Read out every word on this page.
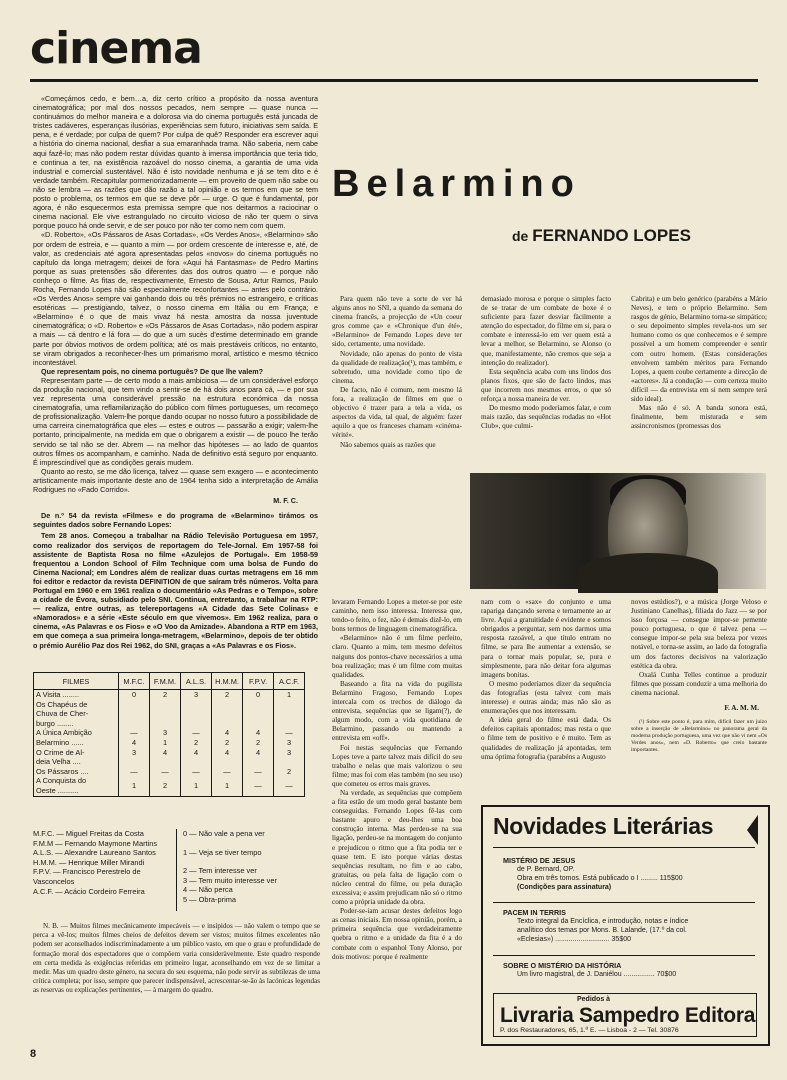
cinema
Belarmino
de FERNANDO LOPES

«Começámos cedo, e bem…a, diz certo crítico a propósito da nossa aventura cinematográfica; por mal dos nossos pecados, nem sempre — quase nunca — continuámos do melhor maneira e a dolorosa via do cinema português está juncada de tristes cadáveres, esperanças ilusórias, experiências sem futuro, iniciativas sem saída. E pena, e é verdade; por culpa de quem? Por culpa de quê? Responder era escrever aqui a história do cinema nacional, desfiar a sua emaranhada trama. Não saberia, nem cabe aqui fazê-lo; mas não podem restar dúvidas quanto à imensa importância que teria tido, e continua a ter, na existência razoável do nosso cinema, a garantia de uma vida industrial e comercial sustentável. Não é isto novidade nenhuma e já se tem dito e é verdade também. Recapitular pormenorizadamente — em proveito de quem não sabe ou não se lembra — as razões que dão razão a tal opinião e os termos em que se tem posto o problema, os termos em que se deve pôr — urge. O que é fundamental, por agora, é não esquecermos esta premissa sempre que nos deitarmos a raciocinar o cinema nacional. Ele vive estrangulado no circuito vicioso de não ter quem o sirva porque pouco há onde servir, e de ser pouco por não ter como nem com quem.

«D. Roberto», «Os Pássaros de Asas Cortadas», «Os Verdes Anos», «Belarmino» são por ordem de estreia, e — quanto a mim — por ordem crescente de interesse e, até, de valor, as credenciais até agora apresentadas pelos «novos» do cinema português no capítulo da longa metragem; deixei de fora «Aqui há Fantasmas» de Pedro Martins porque as suas pretensões são diferentes das dos outros quatro — e porque não conheço o filme. As fitas de, respectivamente, Ernesto de Sousa, Artur Ramos, Paulo Rocha, Fernando Lopes não são especialmente reconfortantes — antes pelo contrário. «Os Verdes Anos» sempre vai ganhando dois ou três prémios no estrangeiro, e críticas esotéricas — prestigiando, talvez, o nosso cinema em Itália ou em França; e «Belarmino» é o que de mais vivaz há nesta amostra da nossa juventude cinematográfica; o «D. Roberto» e «Os Pássaros de Asas Cortadas», não podem aspirar a mais — cá dentro e lá fora — do que a um sucès d'estime determinado em grande parte por óbvios motivos de ordem política; até os mais prestáveis críticos, no entanto, se viram obrigados a reconhecer-lhes um primarismo moral, artístico e mesmo técnico incontestável.

Que representam pois, no cinema português? De que lhe valem?

Representam parte — de certo modo a mais ambiciosa — de um considerável esforço da produção nacional, que tem vindo a sentir-se de há dois anos para cá, — e por sua vez representa uma considerável pressão na estrutura económica da nossa cinematografia, uma reflamilarização do público com filmes portugueses, um recomeço de profissionalização. Valem-lhe porque dando ocupar no nosso futuro a possibilidade de uma carreira cinematográfica que eles — estes e outros — passarão a exigir; valem-lhe portanto, principalmente, na medida em que o obrigarem a existir — de pouco lhe terão servido se tal não se der. Abrem — na melhor das hipóteses — ao lado de quantos outros filmes os acompanham, e caminho. Nada de definitivo está seguro por enquanto. É imprescindível que as condições gerais mudem.

Quanto ao resto, se me dão licença, talvez — quase sem exagero — e acontecimento artisticamente mais importante deste ano de 1964 tenha sido a interpretação de Amália Rodrigues no «Fado Corrido».

M. F. C.

De n.º 54 da revista «Filmes» e do programa de «Belarmino» tirámos os seguintes dados sobre Fernando Lopes:

Tem 28 anos. Começou a trabalhar na Rádio Televisão Portuguesa em 1957, como realizador dos serviços de reportagem do Tele-Jornal. Em 1957-58 foi assistente de Baptista Rosa no filme «Azulejos de Portugal». Em 1958-59 frequentou a London School of Film Technique com uma bolsa de Fundo do Cinema Nacional; em Londres além de realizar duas curtas metragens em 16 mm foi editor e redactor da revista DEFINITION de que saíram três números. Volta para Portugal em 1960 e em 1961 realiza o documentário «As Pedras e o Tempo», sobre a cidade de Évora, subsidiado pelo SNI. Continua, entretanto, a trabalhar na RTP: — realiza, entre outras, as telereportagens «A Cidade das Sete Colinas» e «Namorados» e a série «Este século em que vivemos». Em 1962 realiza, para o cinema, «As Palavras e os Fios» e «O Voo da Amizade». Abandona a RTP em 1963, em que começa a sua primeira longa-metragem, «Belarmino», depois de ter obtido o prémio Aurélio Paz dos Rei 1962, do SNI, graças a «As Palavras e os Fios».

FILMES	M.F.C.	F.M.M.	A.L.S.	H.M.M.	F.P.V.	A.C.F.

A Visita ........	0	2	3	2	0	1

Os Chapéus de
Chuva de Cher-
burgo ........						

A Única Ambição	—	3	—	4	4	—

Belarmino ......	4	1	2	2	2	3

O Crime de Al-	3	4	4	4	4	3

deia Velha ....						

Os Pássaros ....	—	—	—	—	—	2

A Conquista do
Oeste ..........	1	2	1	1	—	—
M.F.C. — Miguel Freitas da Costa
F.M.M — Fernando Maymone Martins
A.L.S. — Alexandre Laureano Santos
H.M.M. — Henrique Miller Mirandi
F.P.V. — Francisco Perestrelo de Vasconcelos
A.C.F. — Acácio Cordeiro Ferreira
0 — Não vale a pena ver
1 — Veja se tiver tempo
2 — Tem interesse ver
3 — Tem muito interesse ver
4 — Não perca
5 — Obra-prima

N. B. — Muitos filmes mecânicamente impecáveis — e insípidos — não valem o tempo que se perca a vê-los; muitos filmes cheios de defeitos devem ser vistos; muitos filmes excelentes não podem ser aconselhados indiscriminadamente a um público vasto, em que o grau e profundidade de formação moral dos espectadores que o compõem varia consideràvelmente. Este quadro responde em certa medida às exigências referidas em primeiro lugar, aconselhando em vez de se limitar a medir. Mas um quadro deste género, na secura do seu esquema, não pode servir as subtilezas de uma crítica completa; por isso, sempre que parecer indispensável, acrescentar-se-ão às lacónicas legendas as reservas ou explicações pertinentes, — à margem do quadro.

Para quem não teve a sorte de ver há alguns anos no SNI, a quando da semana do cinema francês, a projecção de «Un coeur gros comme ça» e «Chronique d'un été», «Belarmino» de Fernando Lopes deve ter sido, certamente, uma novidade.

Novidade, não apenas do ponto de vista da qualidade de realização(¹), mas também, e sobretudo, uma novidade como tipo de cinema.

De facto, não é comum, nem mesmo lá fora, a realização de filmes em que o objectivo é trazer para a tela a vida, os aspectos da vida, tal qual, de alguém: fazer aquilo a que os franceses chamam «cinéma-vérité».

Não sabemos quais as razões que

demasiado morosa e porque o simples facto de se tratar de um combate de boxe é o suficiente para fazer desviar fàcilmente a atenção do espectador, do filme em si, para o combate e interessá-lo em ver quem está a levar a melhor, se Belarmino, se Alonso (o que, manifestamente, não cremos que seja a intenção do realizador).

Esta sequência acaba com uns lindos dos planos fixos, que são de facto lindos, mas que incorrem nos mesmos erros, o que só reforça a nossa maneira de ver.

Do mesmo modo poderíamos falar, e com mais razão, das sequências rodadas no «Hot Club», que culmi-

Cabrita) e um belo genérico (parabéns a Mário Neves), e tem o próprio Belarmino. Sem rasgos de génio, Belarmino torna-se simpático; o seu depoimento simples revela-nos um ser humano como os que conhecemos e é sempre possível a um homem compreender e sentir com outro homem. (Estas considerações envolvem também méritos para Fernando Lopes, a quem coube certamente a direcção de «actores». Já a condução — com certeza muito difícil — da entrevista em si nem sempre terá sido ideal).

Mas não é só. A banda sonora está, finalmente, bem misturada e sem assincronismos (promessas dos

levaram Fernando Lopes a meter-se por este caminho, nem isso interessa. Interessa que, tendo-o feito, o fez, não é demais dizê-lo, em bons termos de linguagem cinematográfica.

«Belarmino» não é um filme perfeito, claro. Quanto a mim, tem mesmo defeitos naiguns dos pontos-chave necessários a uma boa realização; mas é um filme com muitas qualidades.

Baseando a fita na vida do pugilista Belarmino Fragoso, Fernando Lopes intercala com os trechos de diálogo da entrevista, sequências que se ligam(?), de algum modo, com a vida quotidiana de Belarmino, passando ou mantendo a entrevista em «off».

Foi nestas sequências que Fernando Lopes teve a parte talvez mais difícil do seu trabalho e nelas que mais valorizou o seu filme; mas foi com elas também (no seu uso) que cometeu os erros mais graves.

Na verdade, as sequências que compõem a fita estão de um modo geral bastante bem conseguidas. Fernando Lopes fê-las com bastante apuro e deu-lhes uma boa construção interna. Mas perdeu-se na sua ligação, perdeu-se na montagem do conjunto e prejudicou o ritmo que a fita podia ter e quase tem. E isto porque várias destas sequências resultam, no fim e ao cabo, gratuitas, ou pela falta de ligação com o núcleo central do filme, ou pela duração excessiva; e assim prejudicam não só o ritmo como a própria unidade da obra.

Poder-se-iam acusar destes defeitos logo as cenas iniciais. Em nossa opinião, porém, a primeira sequência que verdadeiramente quebra o ritmo e a unidade da fita é a do combate com o espanhol Tony Alonso, por dois motivos: porque é realmente

nam com o «sax» do conjunto e uma rapariga dançando serena e ternamente ao ar livre. Aqui a gratuitidade é evidente e somos obrigados a perguntar, sem nos darmos uma resposta razoável, a que título entram no filme, se para lhe aumentar a extensão, se para o tornar mais popular, se, pura e simplesmente, para não deitar fora algumas imagens bonitas.

O mesmo poderíamos dizer da sequência das fotografias (esta talvez com mais interesse) e outras ainda; mas não são as enumerações que nos interessam.

A ideia geral do filme está dada. Os defeitos capitais apontados; mas resta o que o filme tem de positivo e é muito. Tem as qualidades de realização já apontadas, tem uma óptima fotografia (parabéns a Augusto

novos estúdios?), e a música (Jorge Veloso e Justiniano Canelhas), filiada do Jazz — se por isso forçosa — consegue impor-se pemente pouco portuguesa, o que é talvez pena — consegue impor-se pela sua beleza por vezes notável, e torna-se assim, ao lado da fotografia um dos factores decisivos na valorização estética da obra.

Oxalá Cunha Telles continue a produzir filmes que possam conduzir a uma melhoria do cinema nacional.

F. A. M. M.

(¹) Sobre este ponto é, para mim, difícil fazer um juízo sobre a inserção de «Belarmino» no panorama geral da moderna produção portuguesa, uma vez que não vi nem «Os Verdes anos», nem «D. Roberto» que creio bastante importantes.

Novidades Literárias
MISTÉRIO DE JESUS
de P. Bernard, OP.
Obra em três tomos. Está publicado o I ......... 115$00
(Condições para assinatura)
PACEM IN TERRIS
Texto integral da Encíclica, e introdução, notas e índice
analítico dos temas por Mons. B. Lalande, (17.º da col.
«Eclesias») ............................ 35$00
SOBRE O MISTÉRIO DA HISTÓRIA
Um livro magistral, de J. Daniélou ................ 70$00
Pedidos à
Livraria Sampedro Editora
P. dos Restauradores, 65, 1.º E. — Lisboa - 2 — Tel. 30876
8
